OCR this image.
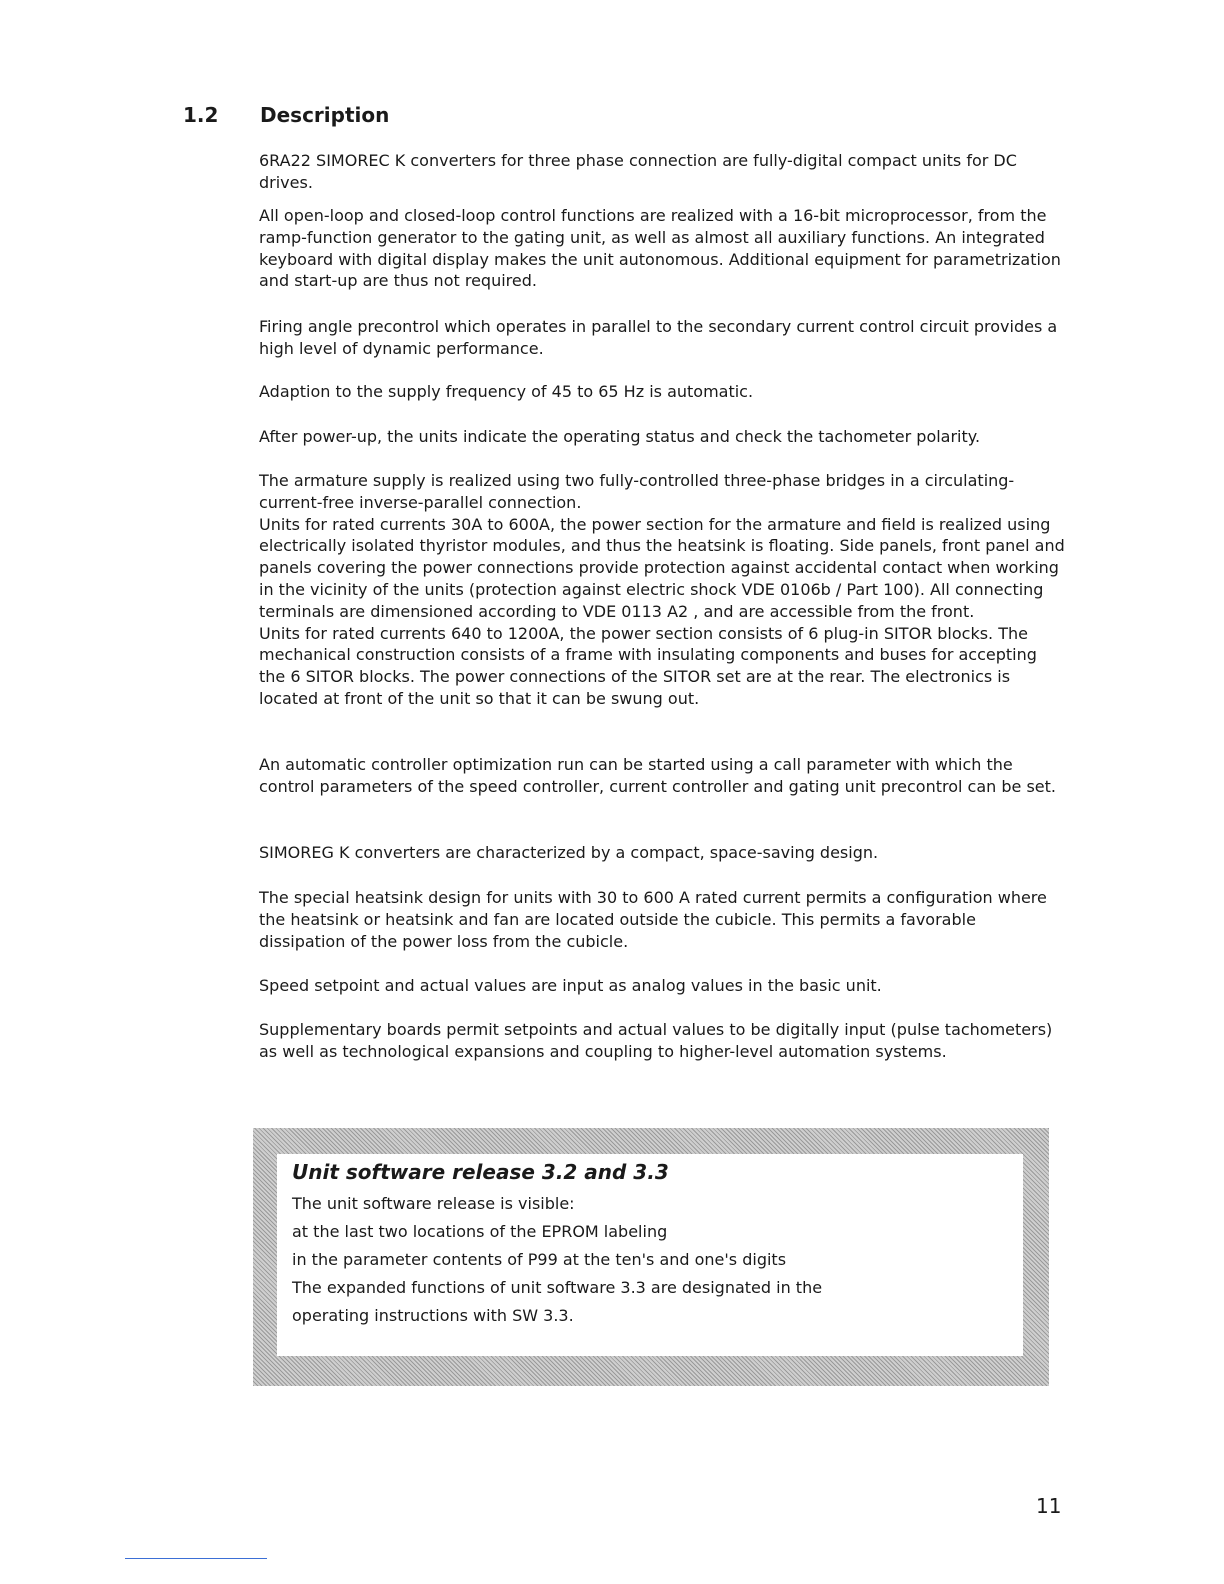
1.2 Description

6RA22 SIMOREC K converters for three phase connection are fully-digital compact units for DC drives.

All open-loop and closed-loop control functions are realized with a 16-bit microprocessor, from the ramp-function generator to the gating unit, as well as almost all auxiliary functions. An integrated keyboard with digital display makes the unit autonomous. Additional equipment for parametrization and start-up are thus not required.

Firing angle precontrol which operates in parallel to the secondary current control circuit provides a high level of dynamic performance.

Adaption to the supply frequency of 45 to 65 Hz is automatic.

After power-up, the units indicate the operating status and check the tachometer polarity.

The armature supply is realized using two fully-controlled three-phase bridges in a circulating-current-free inverse-parallel connection.

Units for rated currents 30A to 600A, the power section for the armature and field is realized using electrically isolated thyristor modules, and thus the heatsink is floating. Side panels, front panel and panels covering the power connections provide protection against accidental contact when working in the vicinity of the units (protection against electric shock VDE 0106b / Part 100). All connecting terminals are dimensioned according to VDE 0113 A2 , and are accessible from the front.

Units for rated currents 640 to 1200A, the power section consists of 6 plug-in SITOR blocks. The mechanical construction consists of a frame with insulating components and buses for accepting the 6 SITOR blocks. The power connections of the SITOR set are at the rear. The electronics is located at front of the unit so that it can be swung out.

An automatic controller optimization run can be started using a call parameter with which the control parameters of the speed controller, current controller and gating unit precontrol can be set.

SIMOREG K converters are characterized by a compact, space-saving design.

The special heatsink design for units with 30 to 600 A rated current permits a configuration where the heatsink or heatsink and fan are located outside the cubicle. This permits a favorable dissipation of the power loss from the cubicle.

Speed setpoint and actual values are input as analog values in the basic unit.

Supplementary boards permit setpoints and actual values to be digitally input (pulse tachometers) as well as technological expansions and coupling to higher-level automation systems.

Unit software release 3.2 and 3.3
The unit software release is visible:
at the last two locations of the EPROM labeling
in the parameter contents of P99 at the ten's and one's digits
The expanded functions of unit software 3.3 are designated in the
operating instructions with SW 3.3.

11
